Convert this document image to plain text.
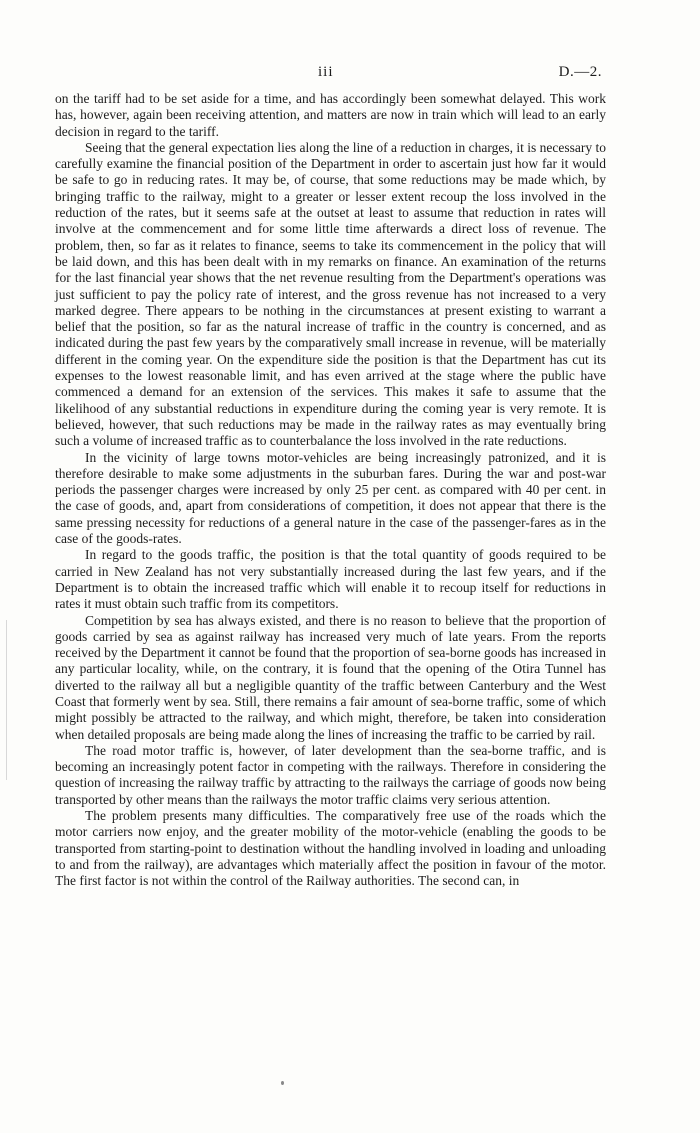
iii	D.—2.

on the tariff had to be set aside for a time, and has accordingly been somewhat delayed. This work has, however, again been receiving attention, and matters are now in train which will lead to an early decision in regard to the tariff.

Seeing that the general expectation lies along the line of a reduction in charges, it is necessary to carefully examine the financial position of the Department in order to ascertain just how far it would be safe to go in reducing rates. It may be, of course, that some reductions may be made which, by bringing traffic to the railway, might to a greater or lesser extent recoup the loss involved in the reduction of the rates, but it seems safe at the outset at least to assume that reduction in rates will involve at the commencement and for some little time afterwards a direct loss of revenue. The problem, then, so far as it relates to finance, seems to take its commencement in the policy that will be laid down, and this has been dealt with in my remarks on finance. An examination of the returns for the last financial year shows that the net revenue resulting from the Department's operations was just sufficient to pay the policy rate of interest, and the gross revenue has not increased to a very marked degree. There appears to be nothing in the circumstances at present existing to warrant a belief that the position, so far as the natural increase of traffic in the country is concerned, and as indicated during the past few years by the comparatively small increase in revenue, will be materially different in the coming year. On the expenditure side the position is that the Department has cut its expenses to the lowest reasonable limit, and has even arrived at the stage where the public have commenced a demand for an extension of the services. This makes it safe to assume that the likelihood of any substantial reductions in expenditure during the coming year is very remote. It is believed, however, that such reductions may be made in the railway rates as may eventually bring such a volume of increased traffic as to counterbalance the loss involved in the rate reductions.

In the vicinity of large towns motor-vehicles are being increasingly patronized, and it is therefore desirable to make some adjustments in the suburban fares. During the war and post-war periods the passenger charges were increased by only 25 per cent. as compared with 40 per cent. in the case of goods, and, apart from considerations of competition, it does not appear that there is the same pressing necessity for reductions of a general nature in the case of the passenger-fares as in the case of the goods-rates.

In regard to the goods traffic, the position is that the total quantity of goods required to be carried in New Zealand has not very substantially increased during the last few years, and if the Department is to obtain the increased traffic which will enable it to recoup itself for reductions in rates it must obtain such traffic from its competitors.

Competition by sea has always existed, and there is no reason to believe that the proportion of goods carried by sea as against railway has increased very much of late years. From the reports received by the Department it cannot be found that the proportion of sea-borne goods has increased in any particular locality, while, on the contrary, it is found that the opening of the Otira Tunnel has diverted to the railway all but a negligible quantity of the traffic between Canterbury and the West Coast that formerly went by sea. Still, there remains a fair amount of sea-borne traffic, some of which might possibly be attracted to the railway, and which might, therefore, be taken into consideration when detailed proposals are being made along the lines of increasing the traffic to be carried by rail.

The road motor traffic is, however, of later development than the sea-borne traffic, and is becoming an increasingly potent factor in competing with the railways. Therefore in considering the question of increasing the railway traffic by attracting to the railways the carriage of goods now being transported by other means than the railways the motor traffic claims very serious attention.

The problem presents many difficulties. The comparatively free use of the roads which the motor carriers now enjoy, and the greater mobility of the motor-vehicle (enabling the goods to be transported from starting-point to destination without the handling involved in loading and unloading to and from the railway), are advantages which materially affect the position in favour of the motor. The first factor is not within the control of the Railway authorities. The second can, in
